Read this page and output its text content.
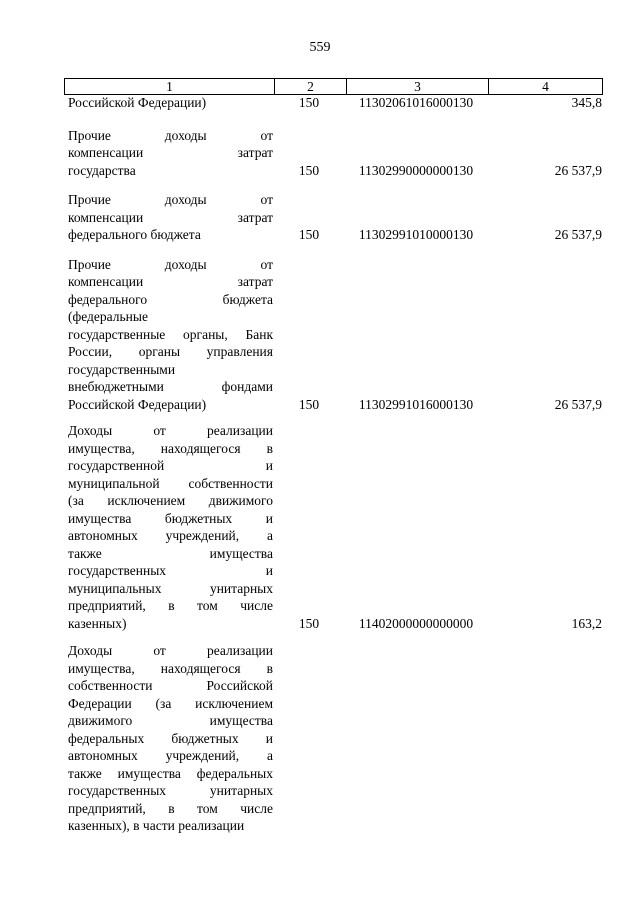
559
1	2	3	4
Российской Федерации)	150	11302061016000130	345,8
Прочие доходы от
компенсации затрат
государства	150	11302990000000130	26 537,9
Прочие доходы от
компенсации затрат
федерального бюджета	150	11302991010000130	26 537,9
Прочие доходы от
компенсации затрат
федерального бюджета
(федеральные
государственные органы, Банк
России, органы управления
государственными
внебюджетными фондами
Российской Федерации)	150	11302991016000130	26 537,9
Доходы от реализации
имущества, находящегося в
государственной и
муниципальной собственности
(за исключением движимого
имущества бюджетных и
автономных учреждений, а
также имущества
государственных и
муниципальных унитарных
предприятий, в том числе
казенных)	150	11402000000000000	163,2
Доходы от реализации
имущества, находящегося в
собственности Российской
Федерации (за исключением
движимого имущества
федеральных бюджетных и
автономных учреждений, а
также имущества федеральных
государственных унитарных
предприятий, в том числе
казенных), в части реализации
